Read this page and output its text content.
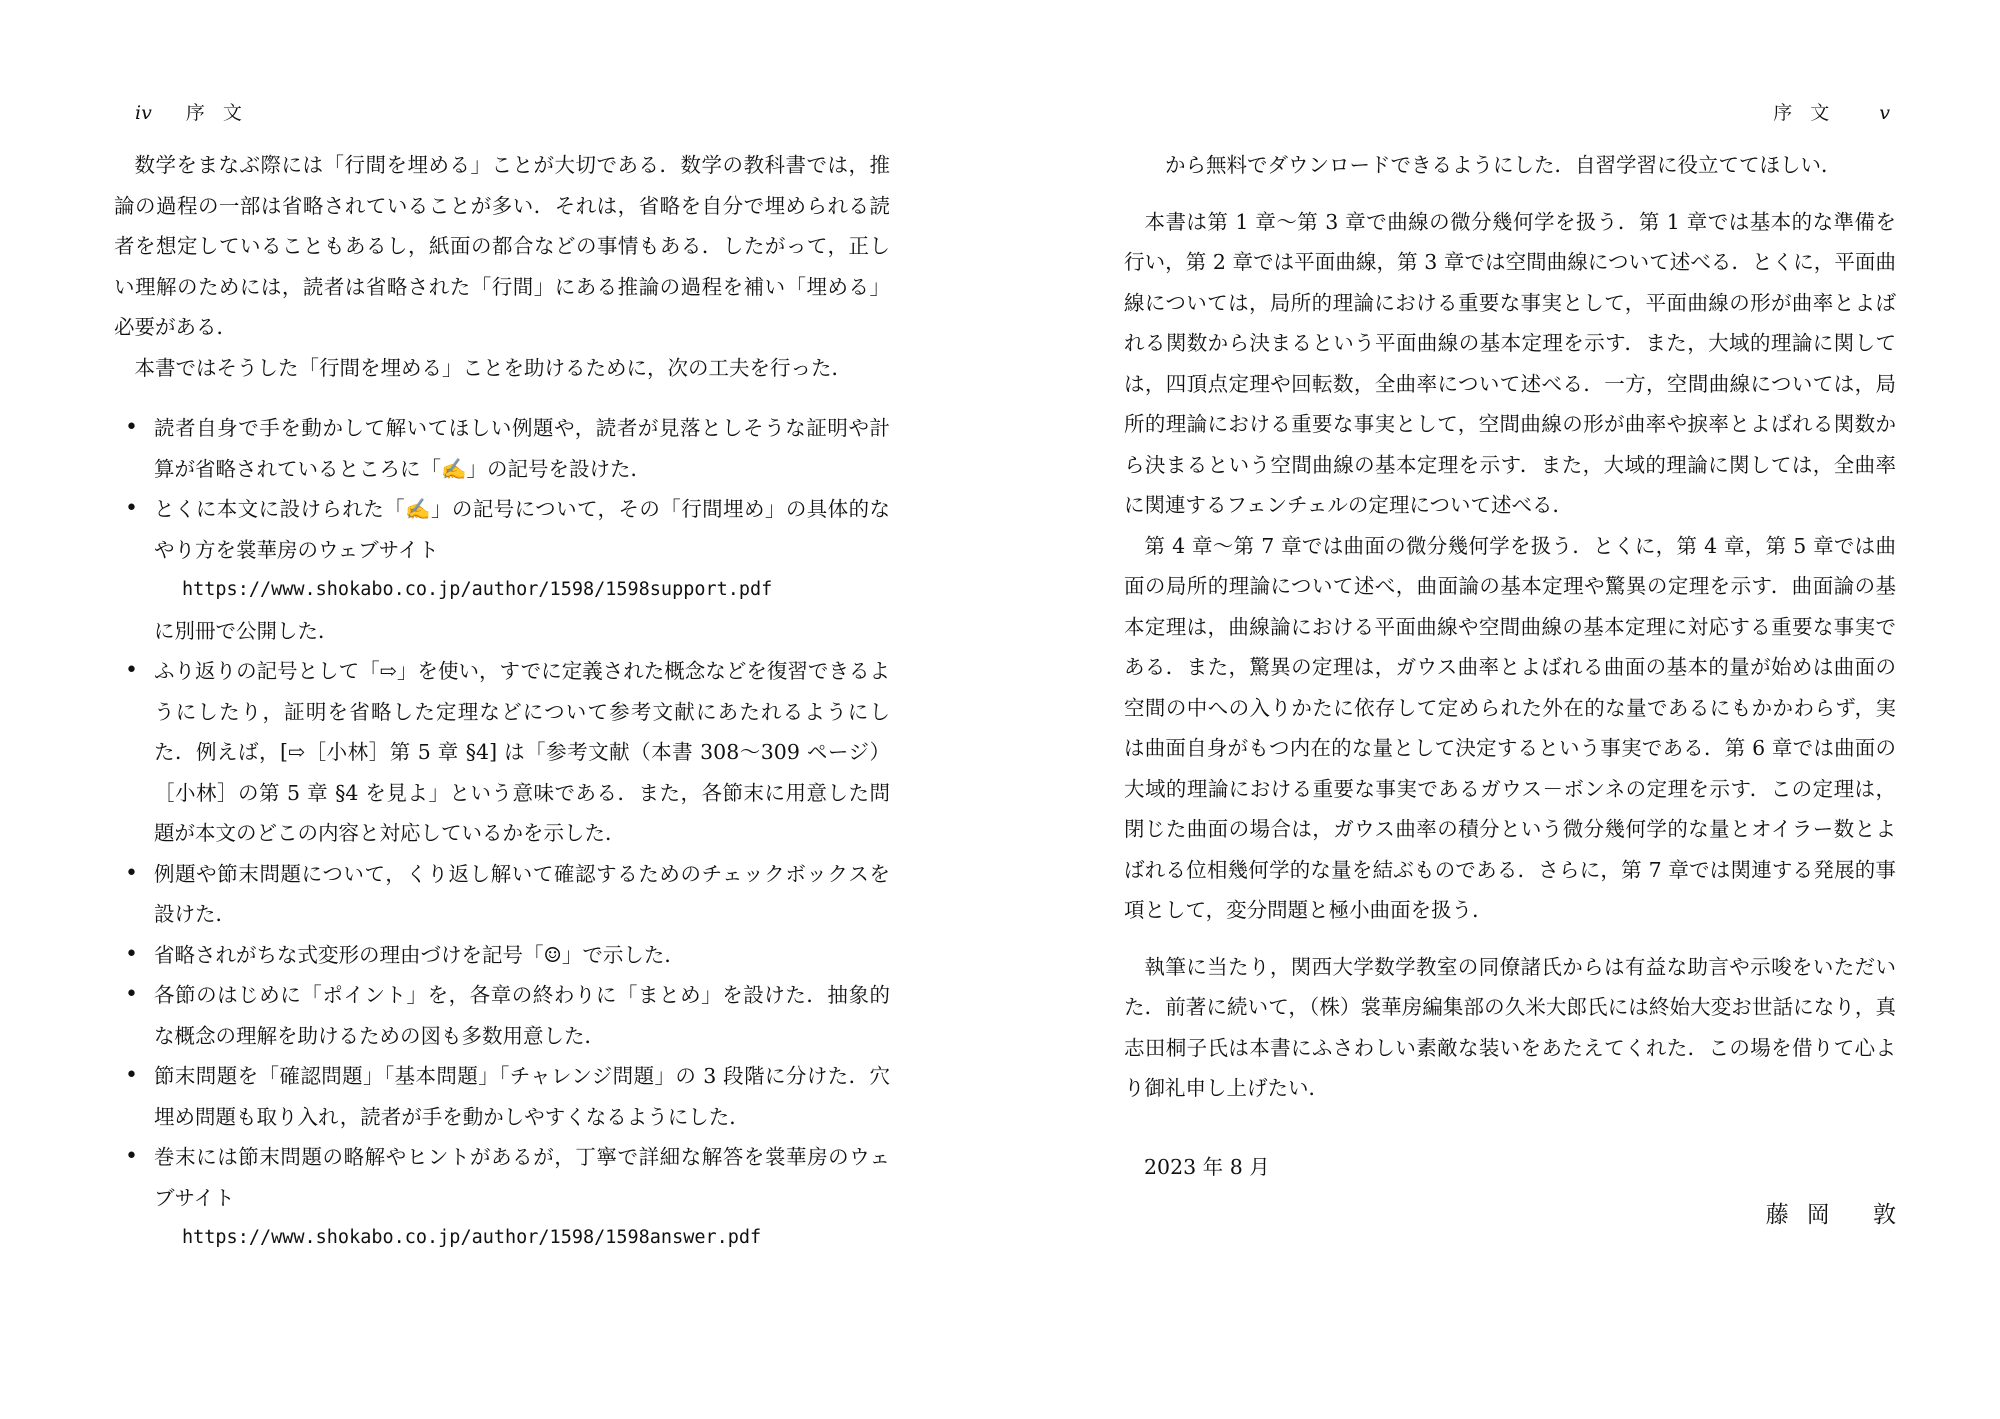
iv 序 文

数学をまなぶ際には「行間を埋める」ことが大切である．数学の教科書では，推論の過程の一部は省略されていることが多い．それは，省略を自分で埋められる読者を想定していることもあるし，紙面の都合などの事情もある．したがって，正しい理解のためには，読者は省略された「行間」にある推論の過程を補い「埋める」必要がある．

本書ではそうした「行間を埋める」ことを助けるために，次の工夫を行った．

• 読者自身で手を動かして解いてほしい例題や，読者が見落としそうな証明や計算が省略されているところに「✍」の記号を設けた．
• とくに本文に設けられた「✍」の記号について，その「行間埋め」の具体的なやり方を裳華房のウェブサイト
https://www.shokabo.co.jp/author/1598/1598support.pdf
に別冊で公開した．
• ふり返りの記号として「⇨」を使い，すでに定義された概念などを復習できるようにしたり，証明を省略した定理などについて参考文献にあたれるようにした．例えば，[⇨［小林］第 5 章 §4] は「参考文献（本書 308〜309 ページ）［小林］の第 5 章 §4 を見よ」という意味である．また，各節末に用意した問題が本文のどこの内容と対応しているかを示した．
• 例題や節末問題について，くり返し解いて確認するためのチェックボックスを設けた．
• 省略されがちな式変形の理由づけを記号「☺」で示した．
• 各節のはじめに「ポイント」を，各章の終わりに「まとめ」を設けた．抽象的な概念の理解を助けるための図も多数用意した．
• 節末問題を「確認問題」「基本問題」「チャレンジ問題」の 3 段階に分けた．穴埋め問題も取り入れ，読者が手を動かしやすくなるようにした．
• 巻末には節末問題の略解やヒントがあるが，丁寧で詳細な解答を裳華房のウェブサイト
https://www.shokabo.co.jp/author/1598/1598answer.pdf
序 文 v

から無料でダウンロードできるようにした．自習学習に役立ててほしい．

本書は第 1 章〜第 3 章で曲線の微分幾何学を扱う．第 1 章では基本的な準備を行い，第 2 章では平面曲線，第 3 章では空間曲線について述べる．とくに，平面曲線については，局所的理論における重要な事実として，平面曲線の形が曲率とよばれる関数から決まるという平面曲線の基本定理を示す．また，大域的理論に関しては，四頂点定理や回転数，全曲率について述べる．一方，空間曲線については，局所的理論における重要な事実として，空間曲線の形が曲率や捩率とよばれる関数から決まるという空間曲線の基本定理を示す．また，大域的理論に関しては，全曲率に関連するフェンチェルの定理について述べる．

第 4 章〜第 7 章では曲面の微分幾何学を扱う．とくに，第 4 章，第 5 章では曲面の局所的理論について述べ，曲面論の基本定理や驚異の定理を示す．曲面論の基本定理は，曲線論における平面曲線や空間曲線の基本定理に対応する重要な事実である．また，驚異の定理は，ガウス曲率とよばれる曲面の基本的量が始めは曲面の空間の中への入りかたに依存して定められた外在的な量であるにもかかわらず，実は曲面自身がもつ内在的な量として決定するという事実である．第 6 章では曲面の大域的理論における重要な事実であるガウス－ボンネの定理を示す．この定理は，閉じた曲面の場合は，ガウス曲率の積分という微分幾何学的な量とオイラー数とよばれる位相幾何学的な量を結ぶものである．さらに，第 7 章では関連する発展的事項として，変分問題と極小曲面を扱う．

執筆に当たり，関西大学数学教室の同僚諸氏からは有益な助言や示唆をいただいた．前著に続いて，（株）裳華房編集部の久米大郎氏には終始大変お世話になり，真志田桐子氏は本書にふさわしい素敵な装いをあたえてくれた．この場を借りて心より御礼申し上げたい．

2023 年 8 月
藤岡 敦
